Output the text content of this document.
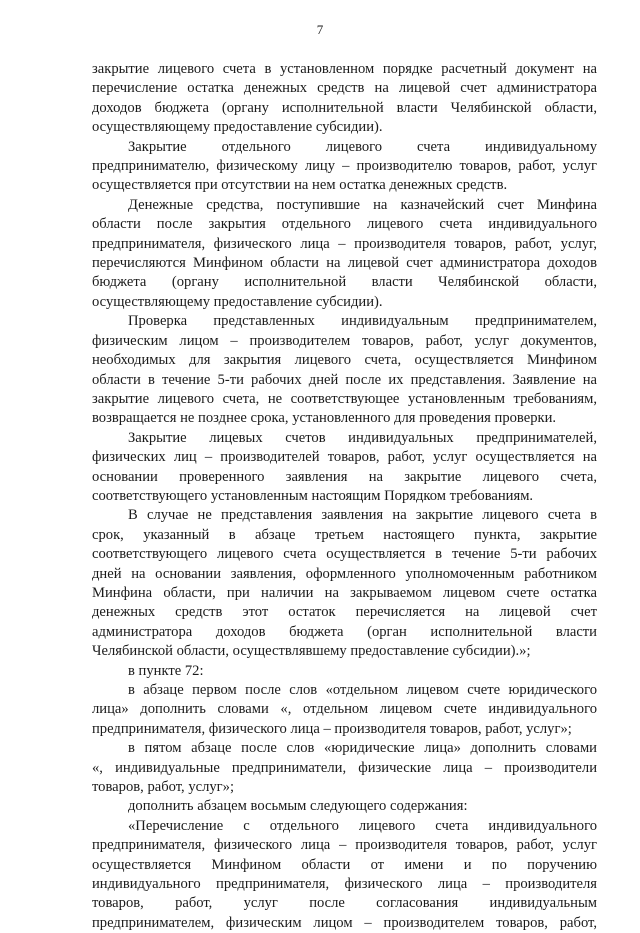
7
закрытие лицевого счета в установленном порядке расчетный документ на
перечисление остатка денежных средств на лицевой счет администратора
доходов бюджета (органу исполнительной власти Челябинской области,
осуществляющему предоставление субсидии).
Закрытие отдельного лицевого счета индивидуальному
предпринимателю, физическому лицу – производителю товаров, работ, услуг
осуществляется при отсутствии на нем остатка денежных средств.
Денежные средства, поступившие на казначейский счет Минфина
области после закрытия отдельного лицевого счета индивидуального
предпринимателя, физического лица – производителя товаров, работ, услуг,
перечисляются Минфином области на лицевой счет администратора доходов
бюджета (органу исполнительной власти Челябинской области,
осуществляющему предоставление субсидии).
Проверка представленных индивидуальным предпринимателем,
физическим лицом – производителем товаров, работ, услуг документов,
необходимых для закрытия лицевого счета, осуществляется Минфином
области в течение 5-ти рабочих дней после их представления. Заявление на
закрытие лицевого счета, не соответствующее установленным требованиям,
возвращается не позднее срока, установленного для проведения проверки.
Закрытие лицевых счетов индивидуальных предпринимателей,
физических лиц – производителей товаров, работ, услуг осуществляется на
основании проверенного заявления на закрытие лицевого счета,
соответствующего установленным настоящим Порядком требованиям.
В случае не представления заявления на закрытие лицевого счета в
срок, указанный в абзаце третьем настоящего пункта, закрытие
соответствующего лицевого счета осуществляется в течение 5-ти рабочих
дней на основании заявления, оформленного уполномоченным работником
Минфина области, при наличии на закрываемом лицевом счете остатка
денежных средств этот остаток перечисляется на лицевой счет
администратора доходов бюджета (орган исполнительной власти
Челябинской области, осуществлявшему предоставление субсидии).»;
в пункте 72:
в абзаце первом после слов «отдельном лицевом счете юридического
лица» дополнить словами «, отдельном лицевом счете индивидуального
предпринимателя, физического лица – производителя товаров, работ, услуг»;
в пятом абзаце после слов «юридические лица» дополнить словами
«, индивидуальные предприниматели, физические лица – производители
товаров, работ, услуг»;
дополнить абзацем восьмым следующего содержания:
«Перечисление с отдельного лицевого счета индивидуального
предпринимателя, физического лица – производителя товаров, работ, услуг
осуществляется Минфином области от имени и по поручению
индивидуального предпринимателя, физического лица – производителя
товаров, работ, услуг после согласования индивидуальным
предпринимателем, физическим лицом – производителем товаров, работ,
